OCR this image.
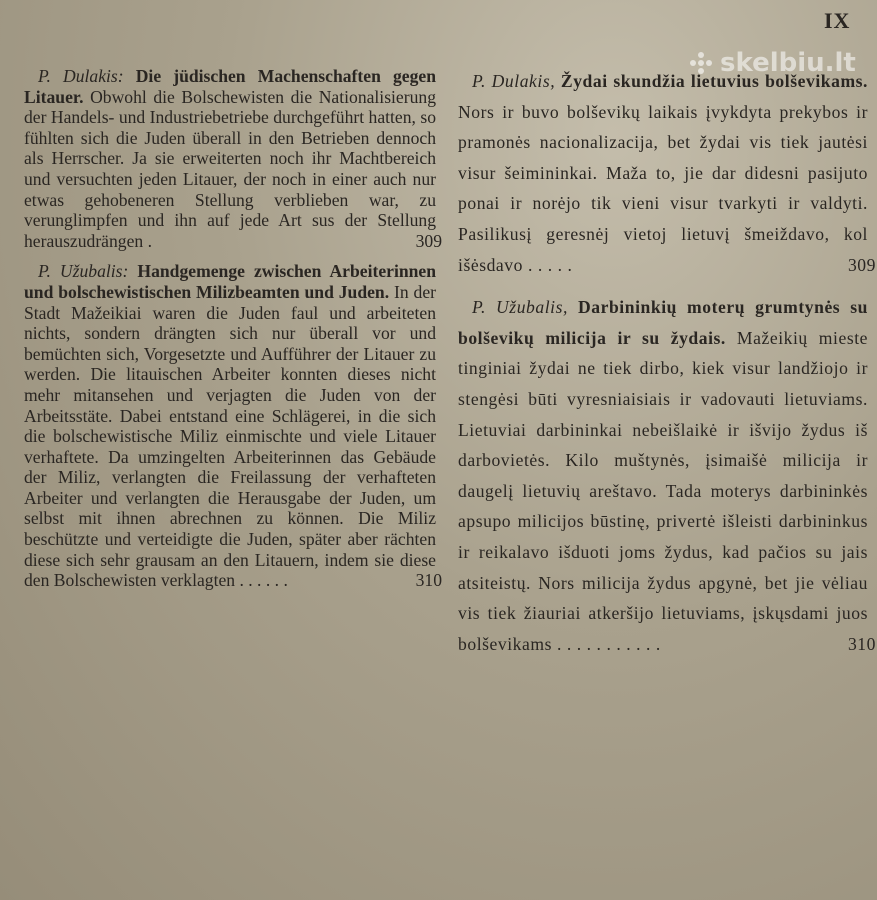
IX
skelbiu.lt

P. Dulakis: Die jüdischen Machenschaften gegen Litauer. Obwohl die Bolschewisten die Nationalisierung der Handels- und Industriebetriebe durchgeführt hatten, so fühlten sich die Juden überall in den Betrieben dennoch als Herrscher. Ja sie erweiterten noch ihr Machtbereich und versuchten jeden Litauer, der noch in einer auch nur etwas gehobeneren Stellung verblieben war, zu verunglimpfen und ihn auf jede Art sus der Stellung herauszudrängen .	309

P. Užubalis: Handgemenge zwischen Arbeiterinnen und bolschewistischen Milizbeamten und Juden. In der Stadt Mažeikiai waren die Juden faul und arbeiteten nichts, sondern drängten sich nur überall vor und bemüchten sich, Vorgesetzte und Aufführer der Litauer zu werden. Die litauischen Arbeiter konnten dieses nicht mehr mitansehen und verjagten die Juden von der Arbeitsstäte. Dabei entstand eine Schlägerei, in die sich die bolschewistische Miliz einmischte und viele Litauer verhaftete. Da umzingelten Arbeiterinnen das Gebäude der Miliz, verlangten die Freilassung der verhafteten Arbeiter und verlangten die Herausgabe der Juden, um selbst mit ihnen abrechnen zu können. Die Miliz beschützte und verteidigte die Juden, später aber rächten diese sich sehr grausam an den Litauern, indem sie diese den Bolschewisten verklagten . . . . . .	310

P. Dulakis, Žydai skundžia lietuvius bolševikams. Nors ir buvo bolševikų laikais įvykdyta prekybos ir pramonės nacionalizacija, bet žydai vis tiek jautėsi visur šeimininkai. Maža to, jie dar didesni pasijuto ponai ir norėjo tik vieni visur tvarkyti ir valdyti. Pasilikusį geresnėj vietoj lietuvį šmeiždavo, kol išėsdavo . . . . .	309

P. Užubalis, Darbininkių moterų grumtynės su bolševikų milicija ir su žydais. Mažeikių mieste tinginiai žydai ne tiek dirbo, kiek visur landžiojo ir stengėsi būti vyresniaisiais ir vadovauti lietuviams. Lietuviai darbininkai nebeišlaikė ir išvijo žydus iš darbovietės. Kilo muštynės, įsimaišė milicija ir daugelį lietuvių areštavo. Tada moterys darbininkės apsupo milicijos būstinę, privertė išleisti darbininkus ir reikalavo išduoti joms žydus, kad pačios su jais atsiteistų. Nors milicija žydus apgynė, bet jie vėliau vis tiek žiauriai atkeršijo lietuviams, įskųsdami juos bolševikams . . . . . . . . . . .	310
